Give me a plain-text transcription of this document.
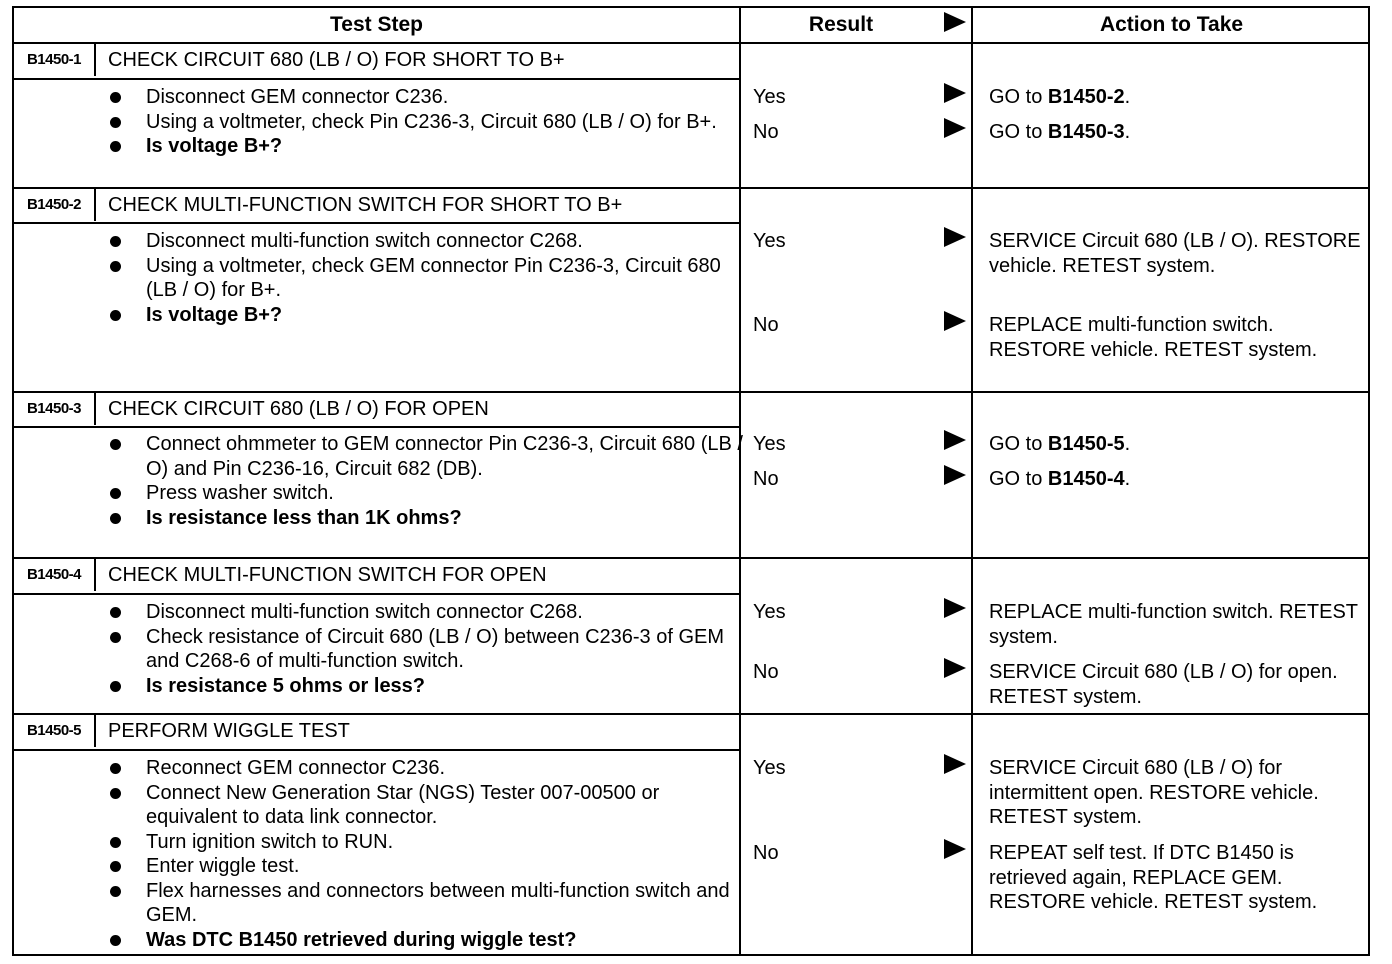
Test Step	Result	Action to Take
B1450-1	CHECK CIRCUIT 680 (LB / O) FOR SHORT TO B+
Disconnect GEM connector C236.
Using a voltmeter, check Pin C236-3, Circuit 680 (LB / O) for B+.
Is voltage B+?
Yes	GO to B1450-2.
No	GO to B1450-3.
B1450-2	CHECK MULTI-FUNCTION SWITCH FOR SHORT TO B+
Disconnect multi-function switch connector C268.
Using a voltmeter, check GEM connector Pin C236-3, Circuit 680 (LB / O) for B+.
Is voltage B+?
Yes	SERVICE Circuit 680 (LB / O). RESTORE vehicle. RETEST system.
No	REPLACE multi-function switch. RESTORE vehicle. RETEST system.
B1450-3	CHECK CIRCUIT 680 (LB / O) FOR OPEN
Connect ohmmeter to GEM connector Pin C236-3, Circuit 680 (LB / O) and Pin C236-16, Circuit 682 (DB).
Press washer switch.
Is resistance less than 1K ohms?
Yes	GO to B1450-5.
No	GO to B1450-4.
B1450-4	CHECK MULTI-FUNCTION SWITCH FOR OPEN
Disconnect multi-function switch connector C268.
Check resistance of Circuit 680 (LB / O) between C236-3 of GEM and C268-6 of multi-function switch.
Is resistance 5 ohms or less?
Yes	REPLACE multi-function switch. RETEST system.
No	SERVICE Circuit 680 (LB / O) for open. RETEST system.
B1450-5	PERFORM WIGGLE TEST
Reconnect GEM connector C236.
Connect New Generation Star (NGS) Tester 007-00500 or equivalent to data link connector.
Turn ignition switch to RUN.
Enter wiggle test.
Flex harnesses and connectors between multi-function switch and GEM.
Was DTC B1450 retrieved during wiggle test?
Yes	SERVICE Circuit 680 (LB / O) for intermittent open. RESTORE vehicle. RETEST system.
No	REPEAT self test. If DTC B1450 is retrieved again, REPLACE GEM. RESTORE vehicle. RETEST system.
